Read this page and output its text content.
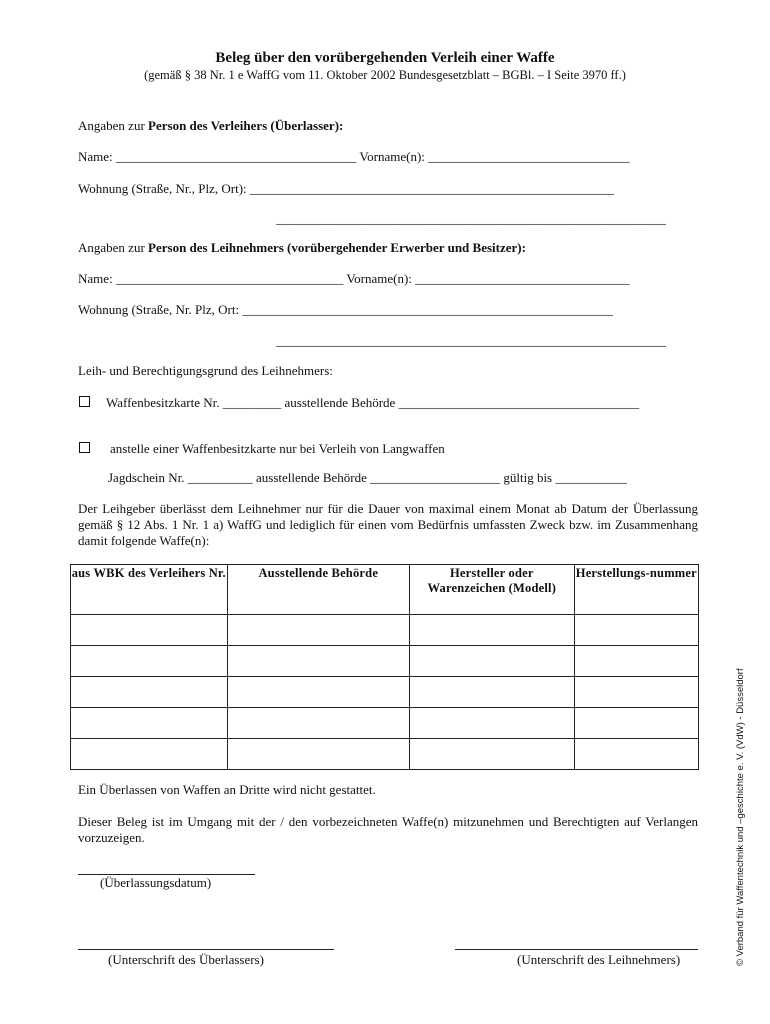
Beleg über den vorübergehenden Verleih einer Waffe
(gemäß § 38 Nr. 1 e WaffG vom 11. Oktober 2002 Bundesgesetzblatt – BGBl. – I Seite 3970 ff.)
Angaben zur Person des Verleihers (Überlasser):
Name: _____________________________________ Vorname(n): _______________________________
Wohnung (Straße, Nr., Plz, Ort): ________________________________________________________
____________________________________________________________
Angaben zur Person des Leihnehmers (vorübergehender Erwerber und Besitzer):
Name: ___________________________________ Vorname(n): _________________________________
Wohnung (Straße, Nr. Plz, Ort: _________________________________________________________
____________________________________________________________
Leih- und Berechtigungsgrund des Leihnehmers:
Waffenbesitzkarte Nr. _________ ausstellende Behörde _____________________________________
anstelle einer Waffenbesitzkarte nur bei Verleih von Langwaffen
Jagdschein Nr. __________ ausstellende Behörde ____________________ gültig bis ___________
Der Leihgeber überlässt dem Leihnehmer nur für die Dauer von maximal einem Monat ab Datum der Überlassung gemäß § 12 Abs. 1 Nr. 1 a) WaffG und lediglich für einen vom Bedürfnis umfassten Zweck bzw. im Zusammenhang damit folgende Waffe(n):
aus WBK des Verleihers Nr.	Ausstellende Behörde	Hersteller oder Warenzeichen (Modell)	Herstellungs-nummer

Ein Überlassen von Waffen an Dritte wird nicht gestattet.
Dieser Beleg ist im Umgang mit der / den vorbezeichneten Waffe(n) mitzunehmen und Berechtigten auf Verlangen vorzuzeigen.
(Überlassungsdatum)
(Unterschrift des Überlassers)	(Unterschrift des Leihnehmers)	© Verband für Waffentechnik und –geschichte e. V. (VdW) - Düsseldorf
